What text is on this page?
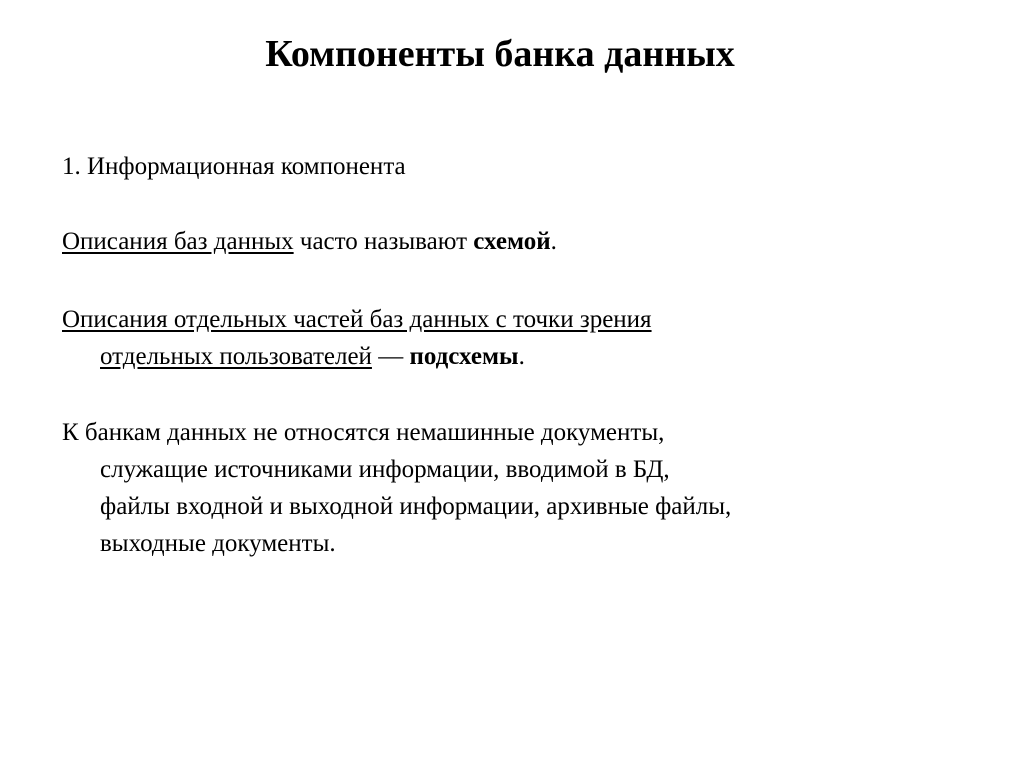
Компоненты банка данных
1. Информационная компонента
Описания баз данных часто называют схемой.
Описания отдельных частей баз данных с точки зрения
отдельных пользователей — подсхемы.
К банкам данных не относятся немашинные документы,
служащие источниками информации, вводимой в БД,
файлы входной и выходной информации, архивные файлы,
выходные документы.
